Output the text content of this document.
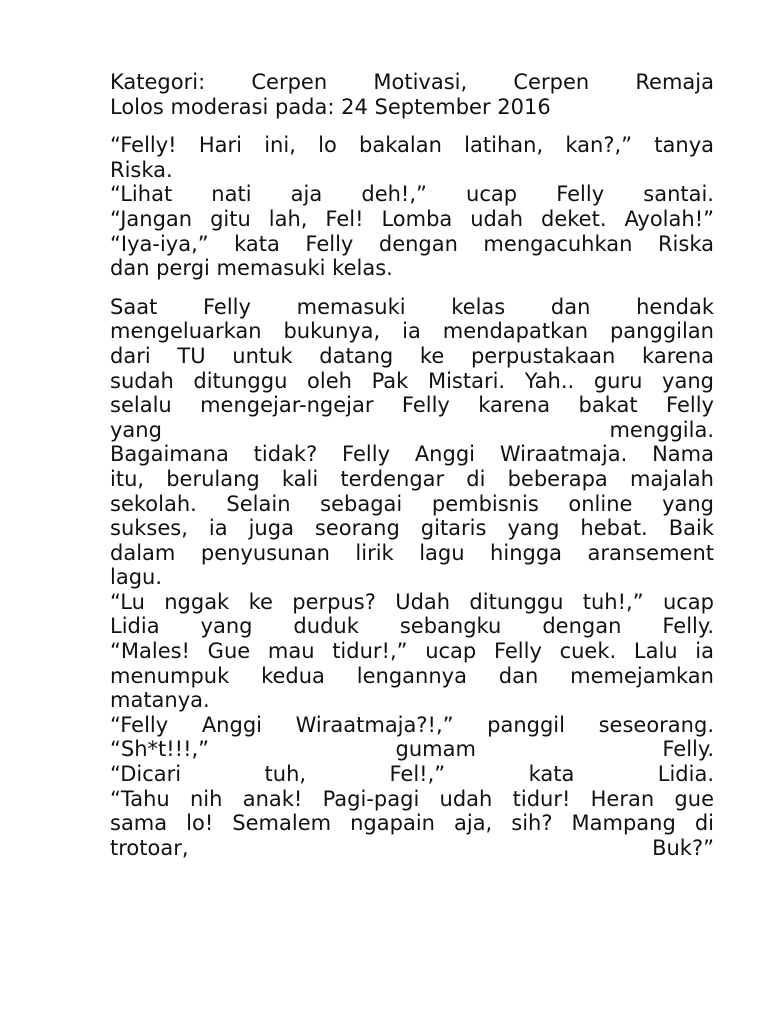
Kategori: Cerpen Motivasi, Cerpen Remaja
Lolos moderasi pada: 24 September 2016
“Felly! Hari ini, lo bakalan latihan, kan?,” tanya
Riska.
“Lihat nati aja deh!,” ucap Felly santai.
“Jangan gitu lah, Fel! Lomba udah deket. Ayolah!”
“Iya-iya,” kata Felly dengan mengacuhkan Riska
dan pergi memasuki kelas.
Saat Felly memasuki kelas dan hendak
mengeluarkan bukunya, ia mendapatkan panggilan
dari TU untuk datang ke perpustakaan karena
sudah ditunggu oleh Pak Mistari. Yah.. guru yang
selalu mengejar-ngejar Felly karena bakat Felly
yang menggila.
Bagaimana tidak? Felly Anggi Wiraatmaja. Nama
itu, berulang kali terdengar di beberapa majalah
sekolah. Selain sebagai pembisnis online yang
sukses, ia juga seorang gitaris yang hebat. Baik
dalam penyusunan lirik lagu hingga aransement
lagu.
“Lu nggak ke perpus? Udah ditunggu tuh!,” ucap
Lidia yang duduk sebangku dengan Felly.
“Males! Gue mau tidur!,” ucap Felly cuek. Lalu ia
menumpuk kedua lengannya dan memejamkan
matanya.
“Felly Anggi Wiraatmaja?!,” panggil seseorang.
“Sh*t!!!,” gumam Felly.
“Dicari tuh, Fel!,” kata Lidia.
“Tahu nih anak! Pagi-pagi udah tidur! Heran gue
sama lo! Semalem ngapain aja, sih? Mampang di
trotoar, Buk?”
